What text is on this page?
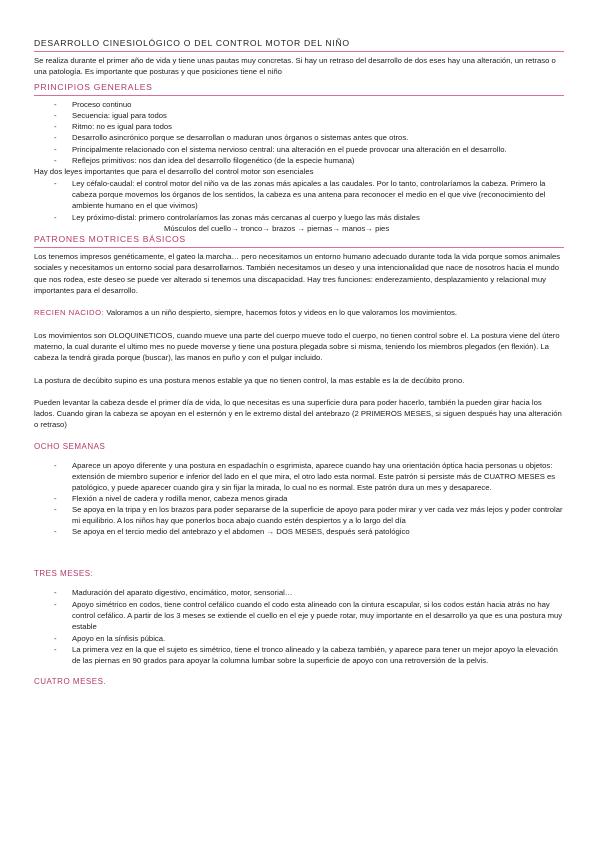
DESARROLLO CINESIOLÓGICO O DEL CONTROL MOTOR DEL NIÑO

Se realiza durante el primer año de vida y tiene unas pautas muy concretas. Si hay un retraso del desarrollo de dos eses hay una alteración, un retraso o una patología. Es importante que posturas y que posiciones tiene el niño

PRINCIPIOS GENERALES
- Proceso continuo
- Secuencia: igual para todos
- Ritmo: no es igual para todos
- Desarrollo asincrónico porque se desarrollan o maduran unos órganos o sistemas antes que otros.
- Principalmente relacionado con el sistema nervioso central: una alteración en el puede provocar una alteración en el desarrollo.
- Reflejos primitivos: nos dan idea del desarrollo filogenético (de la especie humana)

Hay dos leyes importantes que para el desarrollo del control motor son esenciales

- Ley céfalo-caudal: el control motor del niño va de las zonas más apicales a las caudales. Por lo tanto, controlaríamos la cabeza. Primero la cabeza porque movemos los órganos de los sentidos, la cabeza es una antena para reconocer el medio en el que vive (reconocimiento del ambiente humano en el que vivimos)
- Ley próximo-distal: primero controlaríamos las zonas más cercanas al cuerpo y luego las más distales
Músculos del cuello→ tronco→ brazos → piernas→ manos→ pies
PATRONES MOTRICES BÁSICOS

Los tenemos impresos genéticamente, el gateo la marcha… pero necesitamos un entorno humano adecuado durante toda la vida porque somos animales sociales y necesitamos un entorno social para desarrollarnos. También necesitamos un deseo y una intencionalidad que nace de nosotros hacia el mundo que nos rodea, este deseo se puede ver alterado si tenemos una discapacidad. Hay tres funciones: enderezamiento, desplazamiento y relacional muy importantes para el desarrollo.

RECIEN NACIDO: Valoramos a un niño despierto, siempre, hacemos fotos y videos en lo que valoramos los movimientos.

Los movimientos son OLOQUINETICOS, cuando mueve una parte del cuerpo mueve todo el cuerpo, no tienen control sobre el. La postura viene del útero materno, la cual durante el ultimo mes no puede moverse y tiene una postura plegada sobre si misma, teniendo los miembros plegados (en flexión). La cabeza la tendrá girada porque (buscar), las manos en puño y con el pulgar incluido.

La postura de decúbito supino es una postura menos estable ya que no tienen control, la mas estable es la de decúbito prono.

Pueden levantar la cabeza desde el primer día de vida, lo que necesitas es una superficie dura para poder hacerlo, también la pueden girar hacia los lados. Cuando giran la cabeza se apoyan en el esternón y en le extremo distal del antebrazo (2 PRIMEROS MESES, si siguen después hay una alteración o retraso)

OCHO SEMANAS
- Aparece un apoyo diferente y una postura en espadachín o esgrimista, aparece cuando hay una orientación óptica hacia personas u objetos: extensión de miembro superior e inferior del lado en el que mira, el otro lado esta normal. Este patrón si persiste más de CUATRO MESES es patológico, y puede aparecer cuando gira y sin fijar la mirada, lo cual no es normal. Este patrón dura un mes y desaparece.
- Flexión a nivel de cadera y rodilla menor, cabeza menos girada
- Se apoya en la tripa y en los brazos para poder separarse de la superficie de apoyo para poder mirar y ver cada vez más lejos y poder controlar mi equilibrio. A los niños hay que ponerlos boca abajo cuando estén despiertos y a lo largo del día
- Se apoya en el tercio medio del antebrazo y el abdomen → DOS MESES, después será patológico
TRES MESES:
- Maduración del aparato digestivo, encimático, motor, sensorial…
- Apoyo simétrico en codos, tiene control cefálico cuando el codo esta alineado con la cintura escapular, si los codos están hacia atrás no hay control cefálico. A partir de los 3 meses se extiende el cuello en el eje y puede rotar, muy importante en el desarrollo ya que es una postura muy estable
- Apoyo en la sínfisis púbica.
- La primera vez en la que el sujeto es simétrico, tiene el tronco alineado y la cabeza también, y aparece para tener un mejor apoyo la elevación de las piernas en 90 grados para apoyar la columna lumbar sobre la superficie de apoyo con una retroversión de la pelvis.
CUATRO MESES.
